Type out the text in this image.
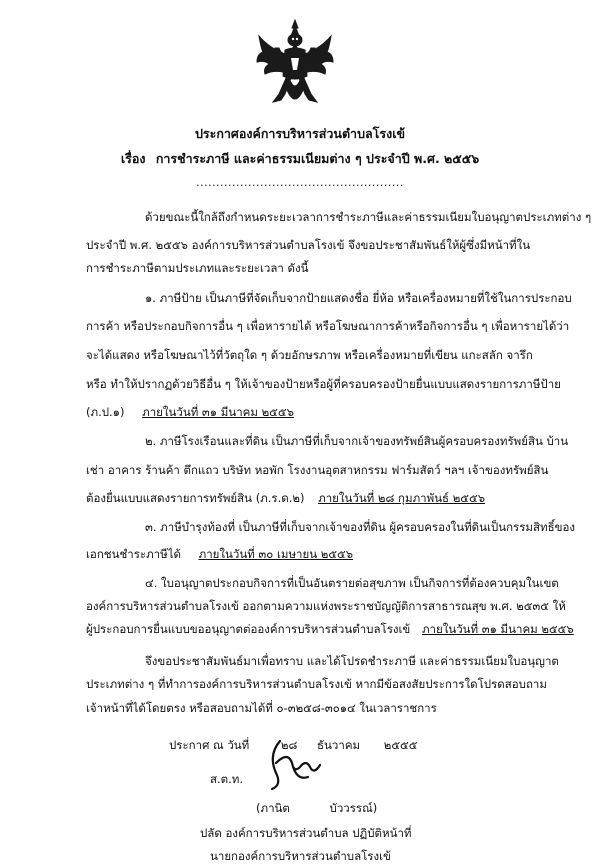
ประกาศองค์การบริหารส่วนตำบลโรงเข้
เรื่อง การชำระภาษี และค่าธรรมเนียมต่าง ๆ ประจำปี พ.ศ. ๒๕๕๖
....................................................
ด้วยขณะนี้ใกล้ถึงกำหนดระยะเวลาการชำระภาษีและค่าธรรมเนียมใบอนุญาตประเภทต่าง ๆ
ประจำปี พ.ศ. ๒๕๕๖ องค์การบริหารส่วนตำบลโรงเข้ จึงขอประชาสัมพันธ์ให้ผู้ซึ่งมีหน้าที่ใน
การชำระภาษีตามประเภทและระยะเวลา ดังนี้
๑. ภาษีป้าย เป็นภาษีที่จัดเก็บจากป้ายแสดงชื่อ ยี่ห้อ หรือเครื่องหมายที่ใช้ในการประกอบ
การค้า หรือประกอบกิจการอื่น ๆ เพื่อหารายได้ หรือโฆษณาการค้าหรือกิจการอื่น ๆ เพื่อหารายได้ว่า
จะได้แสดง หรือโฆษณาไว้ที่วัตถุใด ๆ ด้วยอักษรภาพ หรือเครื่องหมายที่เขียน แกะสลัก จารึก
หรือ ทำให้ปรากฏด้วยวิธีอื่น ๆ ให้เจ้าของป้ายหรือผู้ที่ครอบครองป้ายยื่นแบบแสดงรายการภาษีป้าย
(ภ.ป.๑) ภายในวันที่ ๓๑ มีนาคม ๒๕๕๖
๒. ภาษีโรงเรือนและที่ดิน เป็นภาษีที่เก็บจากเจ้าของทรัพย์สินผู้ครอบครองทรัพย์สิน บ้าน
เช่า อาคาร ร้านค้า ตึกแถว บริษัท หอพัก โรงงานอุตสาหกรรม ฟาร์มสัตว์ ฯลฯ เจ้าของทรัพย์สิน
ต้องยื่นแบบแสดงรายการทรัพย์สิน (ภ.ร.ด.๒) ภายในวันที่ ๒๘ กุมภาพันธ์ ๒๕๕๖
๓. ภาษีบำรุงท้องที่ เป็นภาษีที่เก็บจากเจ้าของที่ดิน ผู้ครอบครองในที่ดินเป็นกรรมสิทธิ์ของ
เอกชนชำระภาษีได้ ภายในวันที่ ๓๐ เมษายน ๒๕๕๖
๔. ใบอนุญาตประกอบกิจการที่เป็นอันตรายต่อสุขภาพ เป็นกิจการที่ต้องควบคุมในเขต
องค์การบริหารส่วนตำบลโรงเข้ ออกตามความแห่งพระราชบัญญัติการสาธารณสุข พ.ศ. ๒๕๓๕ ให้
ผู้ประกอบการยื่นแบบขออนุญาตต่อองค์การบริหารส่วนตำบลโรงเข้ ภายในวันที่ ๓๑ มีนาคม ๒๕๕๖
จึงขอประชาสัมพันธ์มาเพื่อทราบ และได้โปรดชำระภาษี และค่าธรรมเนียมใบอนุญาต
ประเภทต่าง ๆ ที่ทำการองค์การบริหารส่วนตำบลโรงเข้ หากมีข้อสงสัยประการใดโปรดสอบถาม
เจ้าหน้าที่ได้โดยตรง หรือสอบถามได้ที่ ๐-๓๒๕๘-๓๐๑๔ ในเวลาราชการ
ประกาศ ณ วันที่	๒๘ ธันวาคม ๒๕๕๕
ส.ต.ท.
(ภานิต	บัววรรณ์)
ปลัด องค์การบริหารส่วนตำบล ปฏิบัติหน้าที่
นายกองค์การบริหารส่วนตำบลโรงเข้
